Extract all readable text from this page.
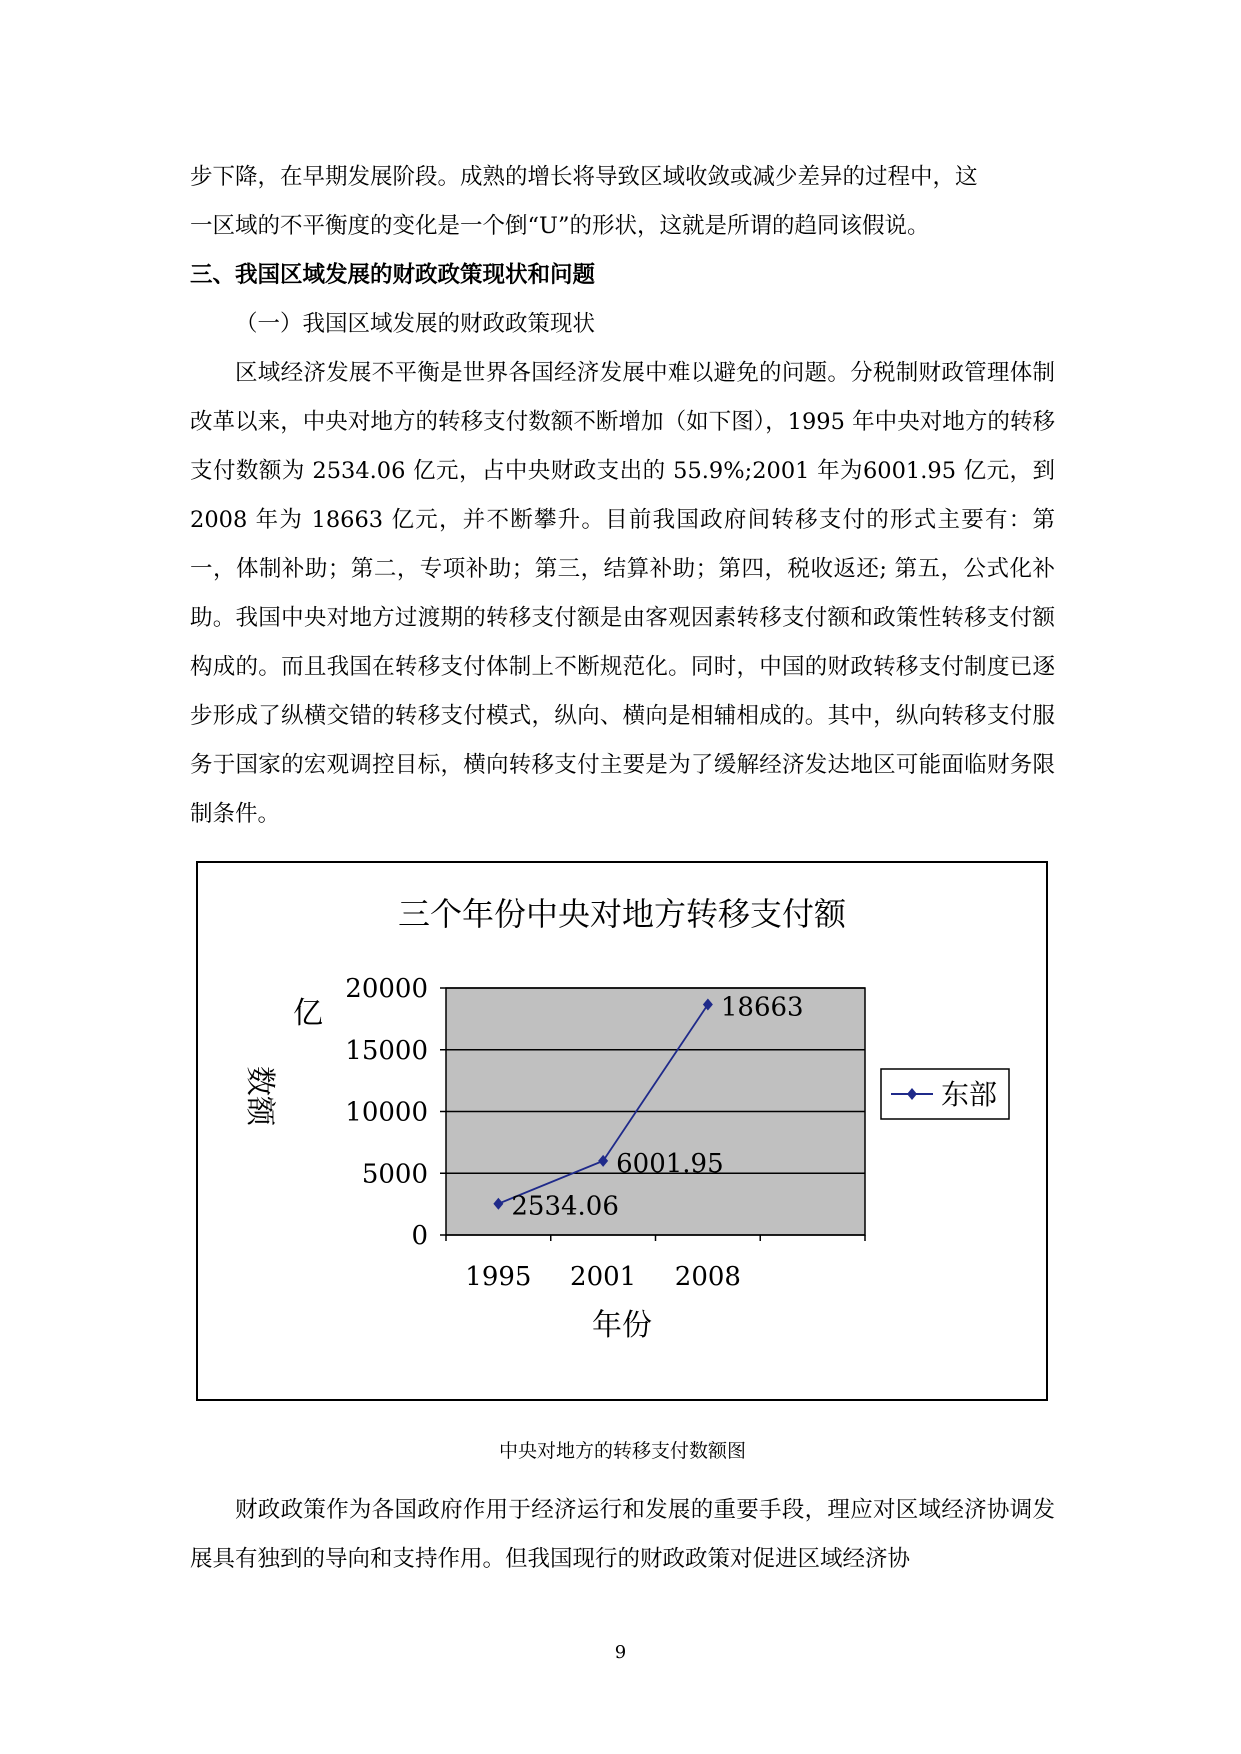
步下降，在早期发展阶段。成熟的增长将导致区域收敛或减少差异的过程中，这

一区域的不平衡度的变化是一个倒“U”的形状，这就是所谓的趋同该假说。

三、我国区域发展的财政政策现状和问题

（一）我国区域发展的财政政策现状

区域经济发展不平衡是世界各国经济发展中难以避免的问题。分税制财政管理体制改革以来，中央对地方的转移支付数额不断增加（如下图），1995 年中央对地方的转移支付数额为 2534.06 亿元，占中央财政支出的 55.9%;2001 年为6001.95 亿元，到 2008 年为 18663 亿元，并不断攀升。目前我国政府间转移支付的形式主要有：第一，体制补助；第二，专项补助；第三，结算补助；第四，税收返还; 第五，公式化补助。我国中央对地方过渡期的转移支付额是由客观因素转移支付额和政策性转移支付额构成的。而且我国在转移支付体制上不断规范化。同时，中国的财政转移支付制度已逐步形成了纵横交错的转移支付模式，纵向、横向是相辅相成的。其中，纵向转移支付服务于国家的宏观调控目标，横向转移支付主要是为了缓解经济发达地区可能面临财务限制条件。

三个年份中央对地方转移支付额
0
5000
10000
15000
20000
1995 2001 2008
年份
亿
数额
2534.06
6001.95
18663
东部

中央对地方的转移支付数额图

财政政策作为各国政府作用于经济运行和发展的重要手段，理应对区域经济协调发展具有独到的导向和支持作用。但我国现行的财政政策对促进区域经济协

9
